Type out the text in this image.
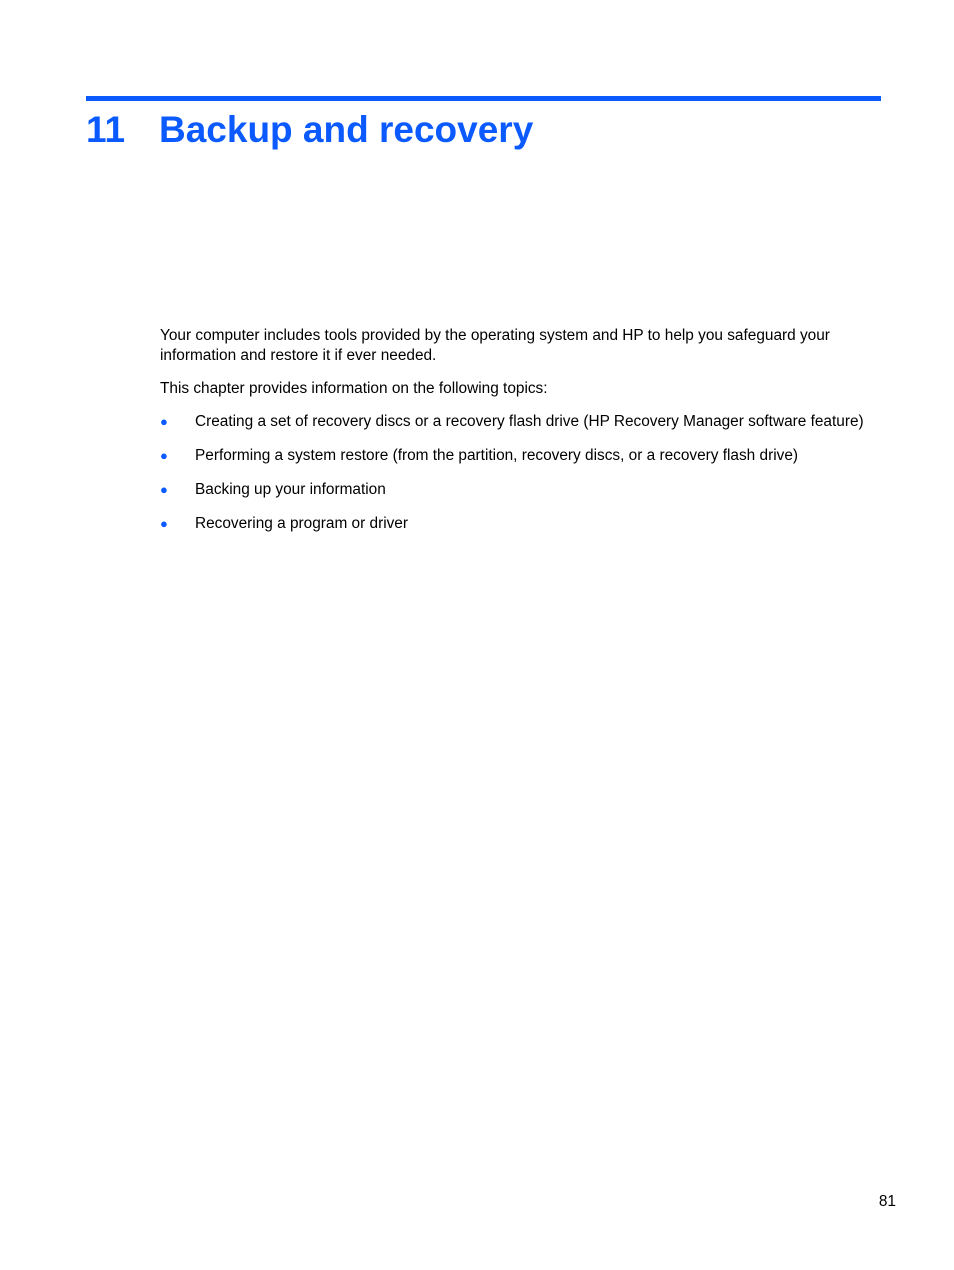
11 Backup and recovery

Your computer includes tools provided by the operating system and HP to help you safeguard your information and restore it if ever needed.

This chapter provides information on the following topics:

● Creating a set of recovery discs or a recovery flash drive (HP Recovery Manager software feature)
● Performing a system restore (from the partition, recovery discs, or a recovery flash drive)
● Backing up your information
● Recovering a program or driver
81
